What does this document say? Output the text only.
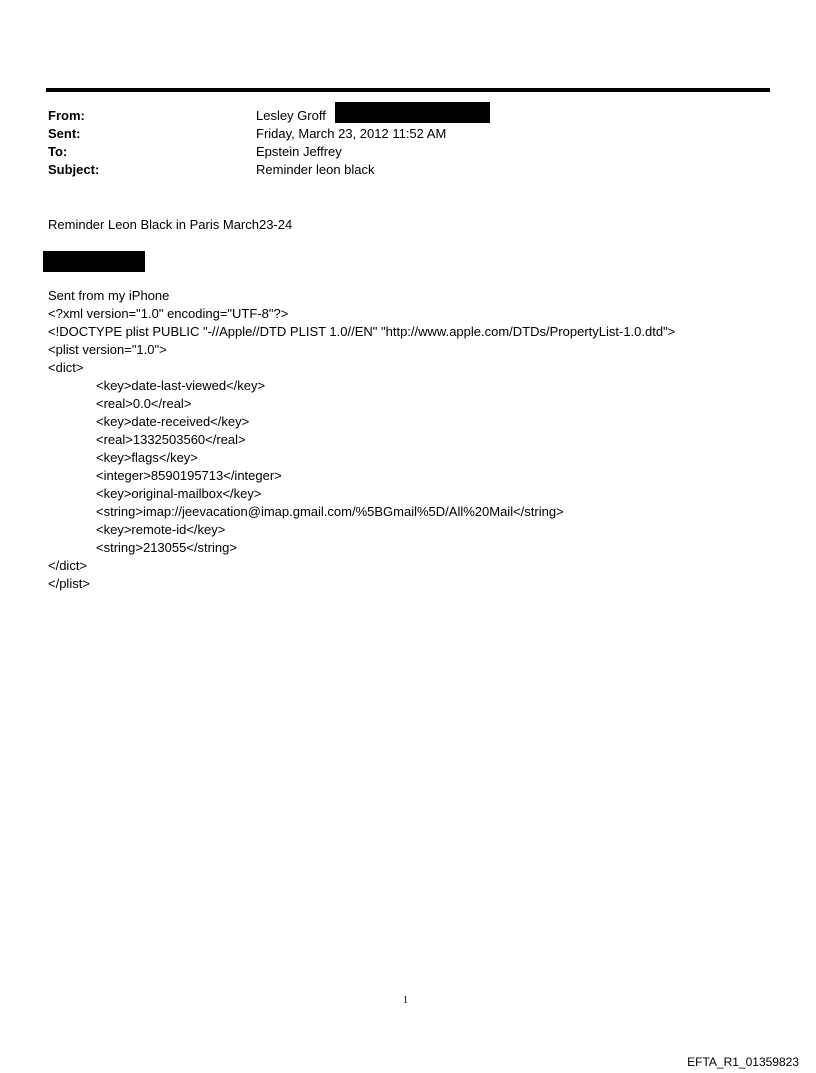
From:	Lesley Groff
Sent:	Friday, March 23, 2012 11:52 AM
To:	Epstein Jeffrey
Subject:	Reminder leon black
Reminder Leon Black in Paris March23-24
Sent from my iPhone
<?xml version="1.0" encoding="UTF-8"?>
<!DOCTYPE plist PUBLIC "-//Apple//DTD PLIST 1.0//EN" "http://www.apple.com/DTDs/PropertyList-1.0.dtd">
<plist version="1.0">
<dict>
<key>date-last-viewed</key>
<real>0.0</real>
<key>date-received</key>
<real>1332503560</real>
<key>flags</key>
<integer>8590195713</integer>
<key>original-mailbox</key>
<string>imap://jeevacation@imap.gmail.com/%5BGmail%5D/All%20Mail</string>
<key>remote-id</key>
<string>213055</string>
</dict>
</plist>
1
EFTA_R1_01359823
